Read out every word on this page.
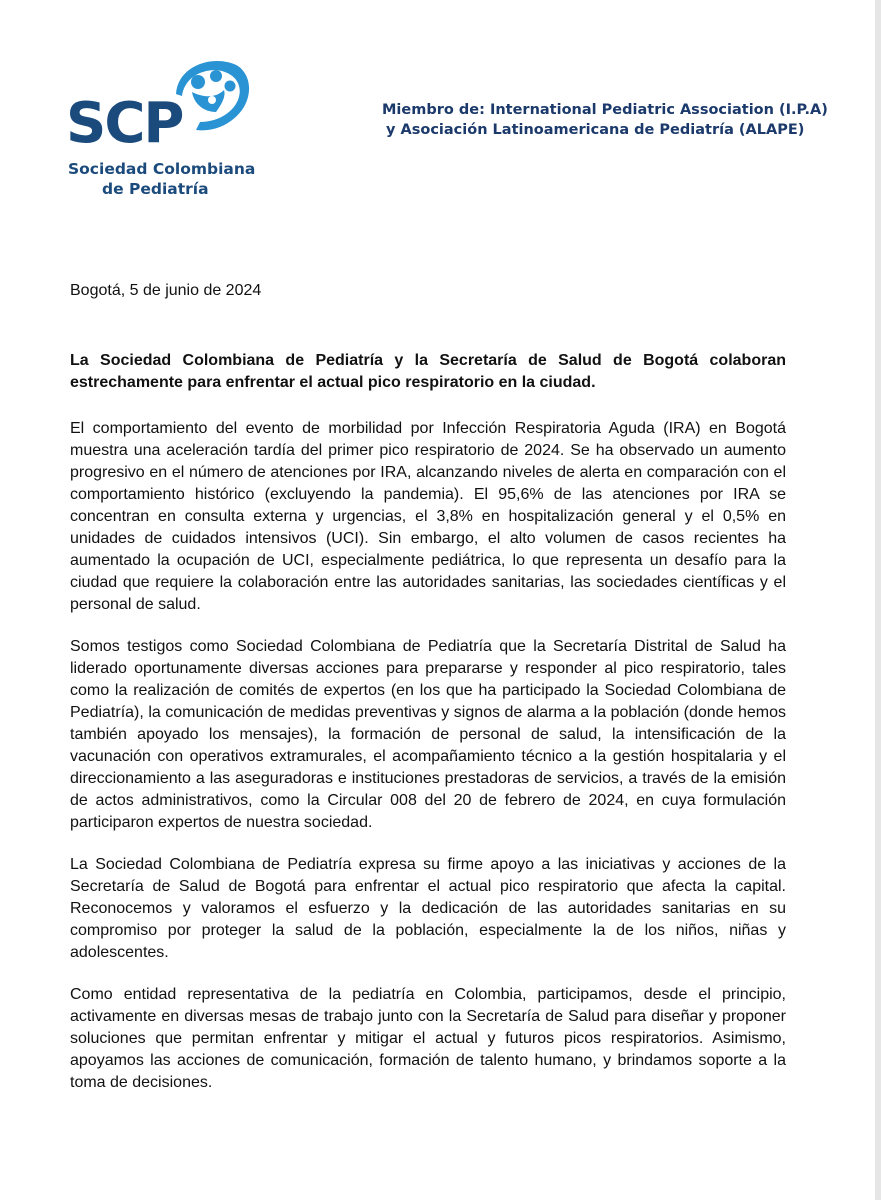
SCP
Sociedad Colombiana
de Pediatría
Miembro de: International Pediatric Association (I.P.A)
y Asociación Latinoamericana de Pediatría (ALAPE)
Bogotá, 5 de junio de 2024

La Sociedad Colombiana de Pediatría y la Secretaría de Salud de Bogotá colaboran estrechamente para enfrentar el actual pico respiratorio en la ciudad.

El comportamiento del evento de morbilidad por Infección Respiratoria Aguda (IRA) en Bogotá muestra una aceleración tardía del primer pico respiratorio de 2024. Se ha observado un aumento progresivo en el número de atenciones por IRA, alcanzando niveles de alerta en comparación con el comportamiento histórico (excluyendo la pandemia). El 95,6% de las atenciones por IRA se concentran en consulta externa y urgencias, el 3,8% en hospitalización general y el 0,5% en unidades de cuidados intensivos (UCI). Sin embargo, el alto volumen de casos recientes ha aumentado la ocupación de UCI, especialmente pediátrica, lo que representa un desafío para la ciudad que requiere la colaboración entre las autoridades sanitarias, las sociedades científicas y el personal de salud.

Somos testigos como Sociedad Colombiana de Pediatría que la Secretaría Distrital de Salud ha liderado oportunamente diversas acciones para prepararse y responder al pico respiratorio, tales como la realización de comités de expertos (en los que ha participado la Sociedad Colombiana de Pediatría), la comunicación de medidas preventivas y signos de alarma a la población (donde hemos también apoyado los mensajes), la formación de personal de salud, la intensificación de la vacunación con operativos extramurales, el acompañamiento técnico a la gestión hospitalaria y el direccionamiento a las aseguradoras e instituciones prestadoras de servicios, a través de la emisión de actos administrativos, como la Circular 008 del 20 de febrero de 2024, en cuya formulación participaron expertos de nuestra sociedad.

La Sociedad Colombiana de Pediatría expresa su firme apoyo a las iniciativas y acciones de la Secretaría de Salud de Bogotá para enfrentar el actual pico respiratorio que afecta la capital. Reconocemos y valoramos el esfuerzo y la dedicación de las autoridades sanitarias en su compromiso por proteger la salud de la población, especialmente la de los niños, niñas y adolescentes.

Como entidad representativa de la pediatría en Colombia, participamos, desde el principio, activamente en diversas mesas de trabajo junto con la Secretaría de Salud para diseñar y proponer soluciones que permitan enfrentar y mitigar el actual y futuros picos respiratorios. Asimismo, apoyamos las acciones de comunicación, formación de talento humano, y brindamos soporte a la toma de decisiones.
